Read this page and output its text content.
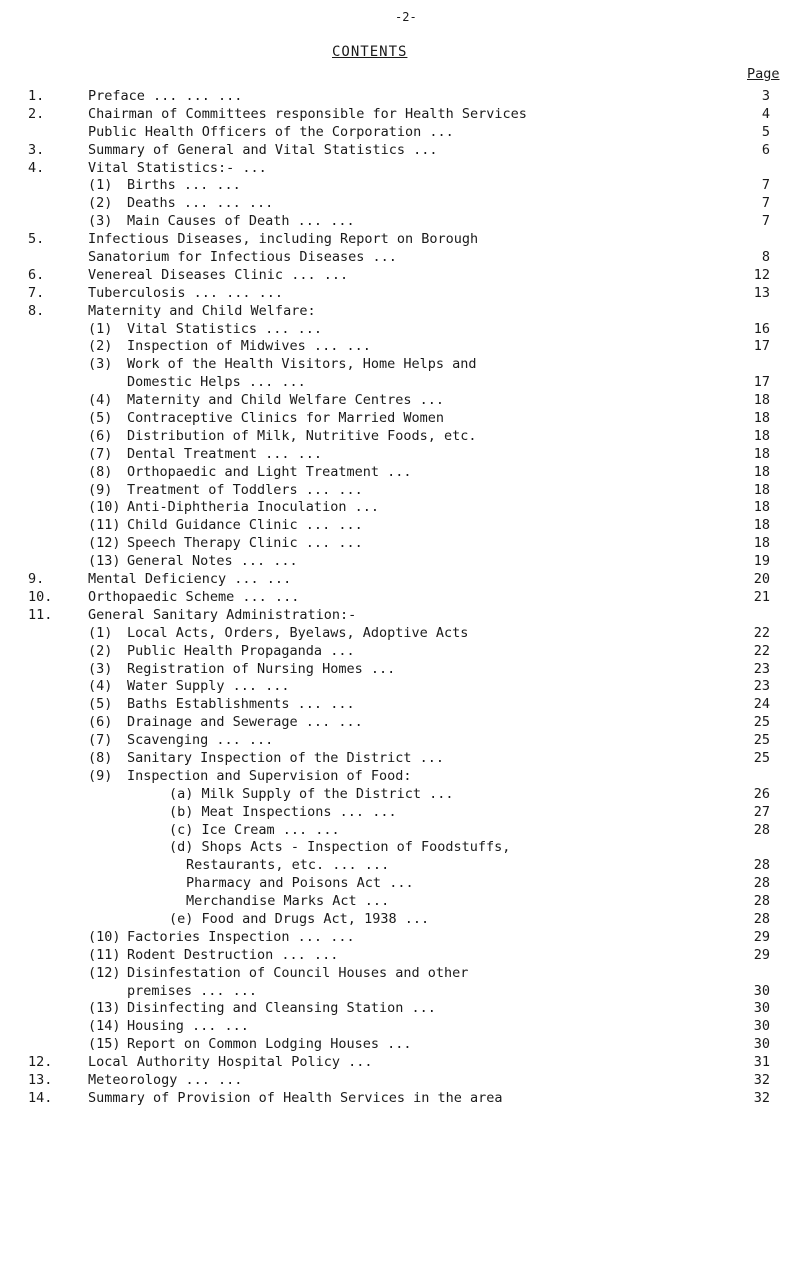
-2-
CONTENTS
Page
1.	Preface ... ... ...	3
2.	Chairman of Committees responsible for Health Services	4
Public Health Officers of the Corporation ...	5
3.	Summary of General and Vital Statistics ...	6
4.	Vital Statistics:- ...
(1) Births ... ...	7
(2) Deaths ... ... ...	7
(3) Main Causes of Death ... ...	7
5.	Infectious Diseases, including Report on Borough
Sanatorium for Infectious Diseases ...	8
6.	Venereal Diseases Clinic ... ...	12
7.	Tuberculosis ... ... ...	13
8.	Maternity and Child Welfare:
(1) Vital Statistics ... ...	16
(2) Inspection of Midwives ... ...	17
(3) Work of the Health Visitors, Home Helps and
Domestic Helps ... ...	17
(4) Maternity and Child Welfare Centres ...	18
(5) Contraceptive Clinics for Married Women	18
(6) Distribution of Milk, Nutritive Foods, etc.	18
(7) Dental Treatment ... ...	18
(8) Orthopaedic and Light Treatment ...	18
(9) Treatment of Toddlers ... ...	18
(10) Anti-Diphtheria Inoculation ...	18
(11) Child Guidance Clinic ... ...	18
(12) Speech Therapy Clinic ... ...	18
(13) General Notes ... ...	19
9.	Mental Deficiency ... ...	20
10.	Orthopaedic Scheme ... ...	21
11.	General Sanitary Administration:-
(1) Local Acts, Orders, Byelaws, Adoptive Acts	22
(2) Public Health Propaganda ...	22
(3) Registration of Nursing Homes ...	23
(4) Water Supply ... ...	23
(5) Baths Establishments ... ...	24
(6) Drainage and Sewerage ... ...	25
(7) Scavenging ... ...	25
(8) Sanitary Inspection of the District ...	25
(9) Inspection and Supervision of Food:
(a) Milk Supply of the District ...	26
(b) Meat Inspections ... ...	27
(c) Ice Cream ... ...	28
(d) Shops Acts - Inspection of Foodstuffs,
Restaurants, etc. ... ...	28
Pharmacy and Poisons Act ...	28
Merchandise Marks Act ...	28
(e) Food and Drugs Act, 1938 ...	28
(10) Factories Inspection ... ...	29
(11) Rodent Destruction ... ...	29
(12) Disinfestation of Council Houses and other
premises ... ...	30
(13) Disinfecting and Cleansing Station ...	30
(14) Housing ... ...	30
(15) Report on Common Lodging Houses ...	30
12.	Local Authority Hospital Policy ...	31
13.	Meteorology ... ...	32
14.	Summary of Provision of Health Services in the area	32
